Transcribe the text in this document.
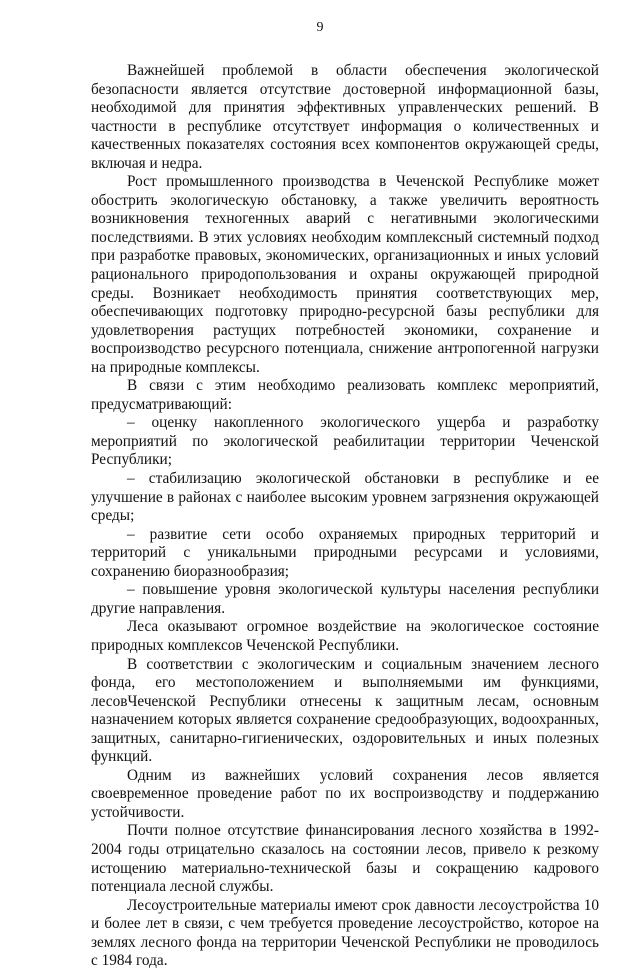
9

Важнейшей проблемой в области обеспечения экологической безопасности является отсутствие достоверной информационной базы, необходимой для принятия эффективных управленческих решений. В частности в республике отсутствует информация о количественных и качественных показателях состояния всех компонентов окружающей среды, включая и недра.

Рост промышленного производства в Чеченской Республике может обострить экологическую обстановку, а также увеличить вероятность возникновения техногенных аварий с негативными экологическими последствиями. В этих условиях необходим комплексный системный подход при разработке правовых, экономических, организационных и иных условий рационального природопользования и охраны окружающей природной среды. Возникает необходимость принятия соответствующих мер, обеспечивающих подготовку природно-ресурсной базы республики для удовлетворения растущих потребностей экономики, сохранение и воспроизводство ресурсного потенциала, снижение антропогенной нагрузки на природные комплексы.

В связи с этим необходимо реализовать комплекс мероприятий, предусматривающий:

– оценку накопленного экологического ущерба и разработку мероприятий по экологической реабилитации территории Чеченской Республики;

– стабилизацию экологической обстановки в республике и ее улучшение в районах с наиболее высоким уровнем загрязнения окружающей среды;

– развитие сети особо охраняемых природных территорий и территорий с уникальными природными ресурсами и условиями, сохранению биоразнообразия;

– повышение уровня экологической культуры населения республики другие направления.

Леса оказывают огромное воздействие на экологическое состояние природных комплексов Чеченской Республики.

В соответствии с экологическим и социальным значением лесного фонда, его местоположением и выполняемыми им функциями, лесовЧеченской Республики отнесены к защитным лесам, основным назначением которых является сохранение средообразующих, водоохранных, защитных, санитарно-гигиенических, оздоровительных и иных полезных функций.

Одним из важнейших условий сохранения лесов является своевременное проведение работ по их воспроизводству и поддержанию устойчивости.

Почти полное отсутствие финансирования лесного хозяйства в 1992-2004 годы отрицательно сказалось на состоянии лесов, привело к резкому истощению материально-технической базы и сокращению кадрового потенциала лесной службы.

Лесоустроительные материалы имеют срок давности лесоустройства 10 и более лет в связи, с чем требуется проведение лесоустройство, которое на землях лесного фонда на территории Чеченской Республики не проводилось с 1984 года.
